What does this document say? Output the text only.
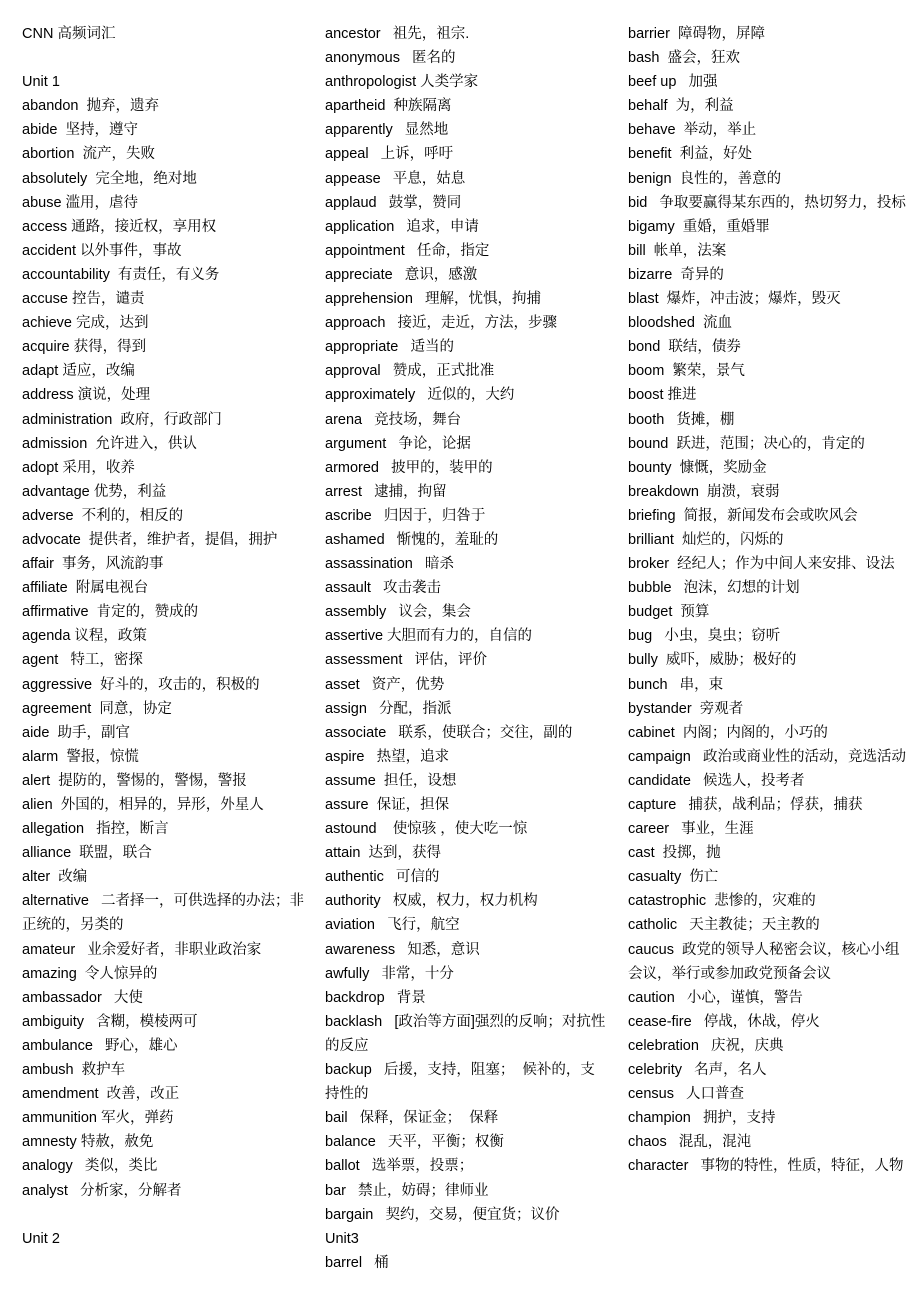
CNN 高频词汇
Unit 1
abandon  抛弃，遗弃
abide  坚持，遵守
abortion  流产，失败
absolutely  完全地，绝对地
abuse 滥用，虐待
access 通路，接近权，享用权
accident 以外事件，事故
accountability  有责任，有义务
accuse 控告，谴责
achieve 完成，达到
acquire 获得，得到
adapt 适应，改编
address 演说，处理
administration  政府，行政部门
admission  允许进入，供认
adopt 采用，收养
advantage 优势，利益
adverse  不利的，相反的
advocate  提供者，维护者，提倡，拥护
affair  事务，风流韵事
affiliate  附属电视台
affirmative  肯定的，赞成的
agenda 议程，政策
agent   特工，密探
aggressive  好斗的，攻击的，积极的
agreement  同意，协定
aide  助手，副官
alarm  警报，惊慌
alert  提防的，警惕的，警惕，警报
alien  外国的，相异的，异形，外星人
allegation   指控，断言
alliance  联盟，联合
alter  改编
alternative   二者择一，可供选择的办法；非正统的，另类的
amateur   业余爱好者，非职业政治家
amazing  令人惊异的
ambassador   大使
ambiguity   含糊，模棱两可
ambulance   野心，雄心
ambush  救护车
amendment  改善，改正
ammunition 军火，弹药
amnesty 特赦，赦免
analogy   类似，类比
analyst   分析家，分解者
Unit 2
ancestor   祖先，祖宗.
anonymous   匿名的
anthropologist 人类学家
apartheid  种族隔离
apparently   显然地
appeal   上诉，呼吁
appease   平息，姑息
applaud   鼓掌，赞同
application   追求，申请
appointment   任命，指定
appreciate   意识，感激
apprehension   理解，忧惧，拘捕
approach   接近，走近，方法，步骤
appropriate   适当的
approval   赞成，正式批准
approximately   近似的，大约
arena   竞技场，舞台
argument   争论，论据
armored   披甲的，装甲的
arrest   逮捕，拘留
ascribe   归因于，归咎于
ashamed   惭愧的，羞耻的
assassination   暗杀
assault   攻击袭击
assembly   议会，集会
assertive 大胆而有力的，自信的
assessment   评估，评价
asset   资产，优势
assign   分配，指派
associate   联系，使联合；交往，副的
aspire   热望，追求
assume  担任，设想
assure  保证，担保
astound    使惊骇 ，使大吃一惊
attain  达到，获得
authentic   可信的
authority   权威，权力，权力机构
aviation   飞行，航空
awareness   知悉，意识
awfully   非常，十分
backdrop   背景
backlash   [政治等方面]强烈的反响；对抗性的反应
backup   后援，支持，阻塞；  候补的，支持性的
bail   保释，保证金；  保释
balance   天平，平衡；权衡
ballot   选举票，投票；
bar   禁止，妨碍；律师业
bargain   契约，交易，便宜货；议价
Unit3
barrel   桶
barrier  障碍物，屏障
bash  盛会，狂欢
beef up   加强
behalf  为，利益
behave  举动，举止
benefit  利益，好处
benign  良性的，善意的
bid   争取要赢得某东西的，热切努力，投标
bigamy  重婚，重婚罪
bill  帐单，法案
bizarre  奇异的
blast  爆炸，冲击波；爆炸，毁灭
bloodshed  流血
bond  联结，债券
boom  繁荣，景气
boost 推进
booth   货摊，棚
bound  跃进，范围；决心的，肯定的
bounty  慷慨，奖励金
breakdown  崩溃，衰弱
briefing  简报，新闻发布会或吹风会
brilliant  灿烂的，闪烁的
broker  经纪人；作为中间人来安排、设法
bubble   泡沫，幻想的计划
budget  预算
bug   小虫，臭虫；窃听
bully  威吓，威胁；极好的
bunch   串，束
bystander  旁观者
cabinet  内阁；内阁的，小巧的
campaign   政治或商业性的活动，竞选活动
candidate   候选人，投考者
capture   捕获，战利品；俘获，捕获
career   事业，生涯
cast  投掷，抛
casualty  伤亡
catastrophic  悲惨的，灾难的
catholic   天主教徒；天主教的
caucus  政党的领导人秘密会议，核心小组会议，举行或参加政党预备会议
caution   小心，谨慎，警告
cease-fire   停战，休战，停火
celebration   庆祝，庆典
celebrity   名声，名人
census   人口普查
champion   拥护，支持
chaos   混乱，混沌
character   事物的特性，性质，特征，人物
